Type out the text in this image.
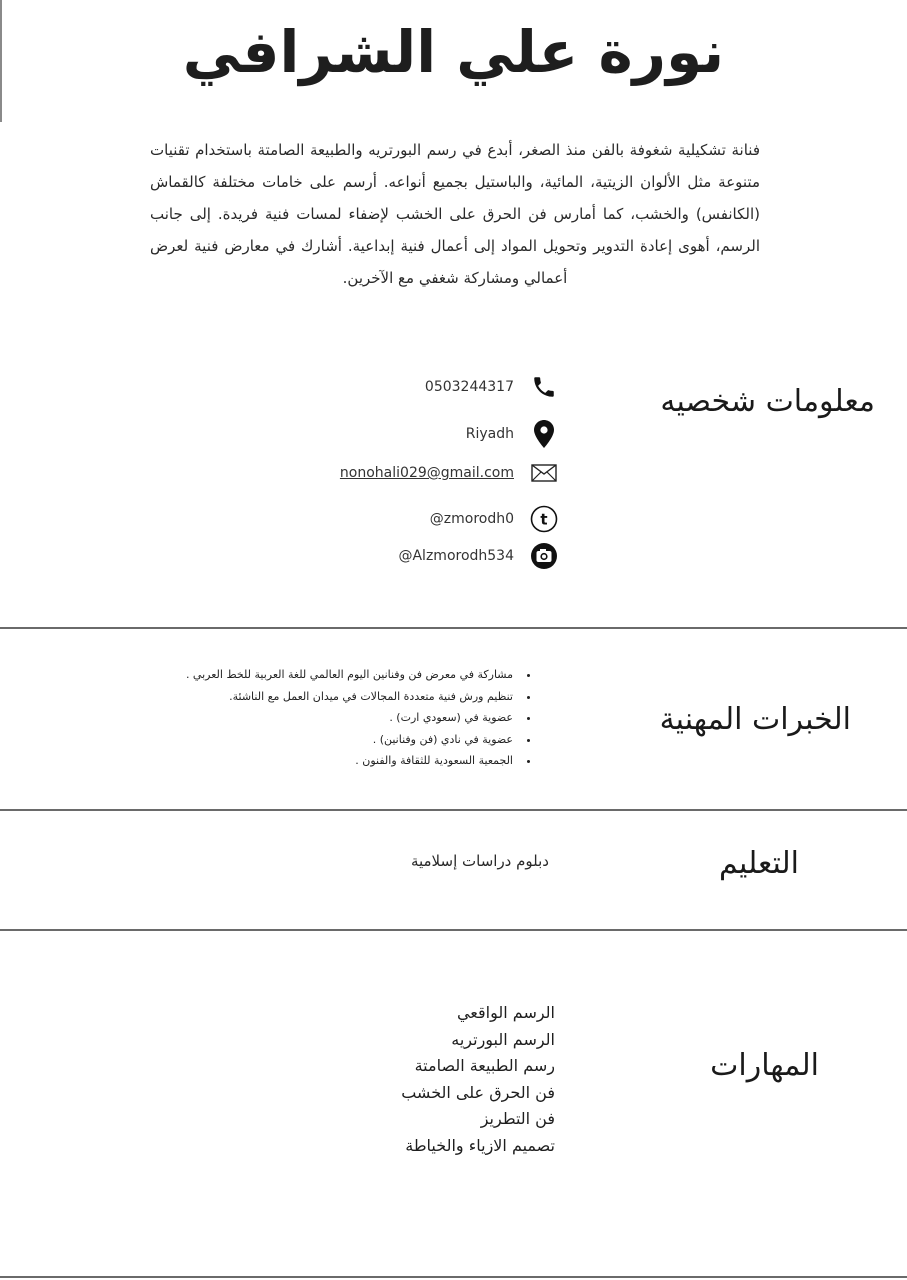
نورة علي الشرافي

فنانة تشكيلية شغوفة بالفن منذ الصغر، أبدع في رسم البورتريه والطبيعة الصامتة باستخدام تقنيات متنوعة مثل الألوان الزيتية، المائية، والباستيل بجميع أنواعه. أرسم على خامات مختلفة كالقماش (الكانفس) والخشب، كما أمارس فن الحرق على الخشب لإضفاء لمسات فنية فريدة. إلى جانب الرسم، أهوى إعادة التدوير وتحويل المواد إلى أعمال فنية إبداعية. أشارك في معارض فنية لعرض أعمالي ومشاركة شغفي مع الآخرين.

معلومات شخصيه
0503244317
Riyadh
nonohali029@gmail.com
t
@zmorodh0
@Alzmorodh534
الخبرات المهنية
• مشاركة في معرض فن وفنانين اليوم العالمي للغة العربية للخط العربي .
• تنظيم ورش فنية متعددة المجالات في ميدان العمل مع الناشئة.
• عضوية في (سعودي ارت) .
• عضوية في نادي (فن وفنانين) .
• الجمعية السعودية للثقافة والفنون .
التعليم

دبلوم دراسات إسلامية

المهارات
الرسم الواقعي
الرسم البورتريه
رسم الطبيعة الصامتة
فن الحرق على الخشب
فن التطريز
تصميم الازياء والخياطة
